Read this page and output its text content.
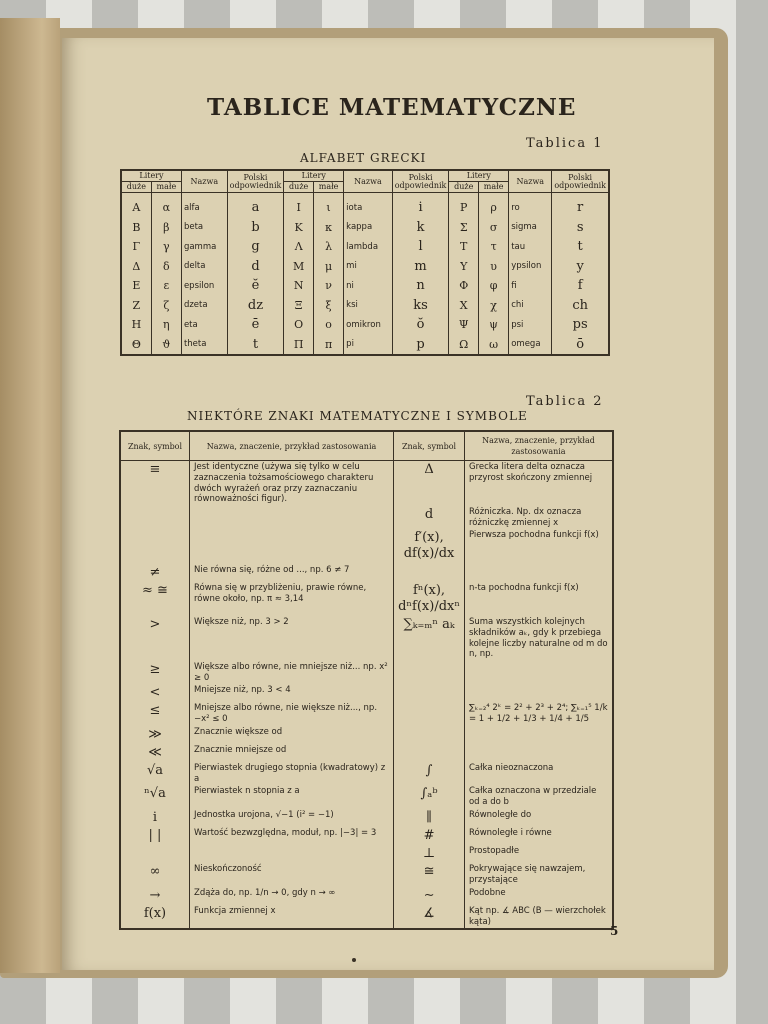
TABLICE MATEMATYCZNE
Tablica 1
ALFABET GRECKI
Litery		Nazwa	Polski odpowiednik	Litery		Nazwa	Polski odpowiednik	Litery		Nazwa	Polski odpowiednik
duże	małe			duże	małe			duże	małe		
Α	α	alfa	a	Ι	ι	iota	i	Ρ	ρ	ro	r
Β	β	beta	b	Κ	κ	kappa	k	Σ	σ	sigma	s
Γ	γ	gamma	g	Λ	λ	lambda	l	Τ	τ	tau	t
Δ	δ	delta	d	Μ	μ	mi	m	Υ	υ	ypsilon	y
Ε	ε	epsilon	ĕ	Ν	ν	ni	n	Φ	φ	fi	f
Ζ	ζ	dzeta	dz	Ξ	ξ	ksi	ks	Χ	χ	chi	ch
Η	η	eta	ē	Ο	ο	omikron	ŏ	Ψ	ψ	psi	ps
Θ	ϑ	theta	t	Π	π	pi	p	Ω	ω	omega	ō
Tablica 2
NIEKTÓRE ZNAKI MATEMATYCZNE I SYMBOLE
Znak, symbol	Nazwa, znaczenie, przykład zastosowania	Znak, symbol	Nazwa, znaczenie, przykład zastosowania
≡	Jest identyczne (używa się tylko w celu zaznaczenia tożsamościowego charakteru dwóch wyrażeń oraz przy zaznaczaniu równoważności figur).	Δ	Grecka litera delta oznacza przyrost skończony zmiennej
		d	Różniczka. Np. dx oznacza różniczkę zmiennej x
		f′(x), df(x)/dx	Pierwsza pochodna funkcji f(x)
≠	Nie równa się, różne od ..., np. 6 ≠ 7		
≈ ≅	Równa się w przybliżeniu, prawie równe, równe około, np. π ≈ 3,14	fⁿ(x), dⁿf(x)/dxⁿ	n-ta pochodna funkcji f(x)
>	Większe niż, np. 3 > 2	∑ₖ₌ₘⁿ aₖ	Suma wszystkich kolejnych składników aₖ, gdy k przebiega kolejne liczby naturalne od m do n, np.
≥	Większe albo równe, nie mniejsze niż... np. x² ≥ 0		
<	Mniejsze niż, np. 3 < 4		
≤	Mniejsze albo równe, nie większe niż..., np. −x² ≤ 0		∑ₖ₌₂⁴ 2ᵏ = 2² + 2³ + 2⁴; ∑ₖ₌₁⁵ 1/k = 1 + 1/2 + 1/3 + 1/4 + 1/5
≫	Znacznie większe od		
≪	Znacznie mniejsze od		
√a	Pierwiastek drugiego stopnia (kwadratowy) z a	∫	Całka nieoznaczona
ⁿ√a	Pierwiastek n stopnia z a	∫ₐᵇ	Całka oznaczona w przedziale od a do b
i	Jednostka urojona, √−1 (i² = −1)	∥	Równoległe do
| |	Wartość bezwzględna, moduł, np. |−3| = 3	#	Równoległe i równe
		⊥	Prostopadłe
∞	Nieskończoność	≅	Pokrywające się nawzajem, przystające
→	Zdąża do, np. 1/n → 0, gdy n → ∞	∼	Podobne
f(x)	Funkcja zmiennej x	∡	Kąt np. ∡ ABC (B — wierzchołek kąta)
5
